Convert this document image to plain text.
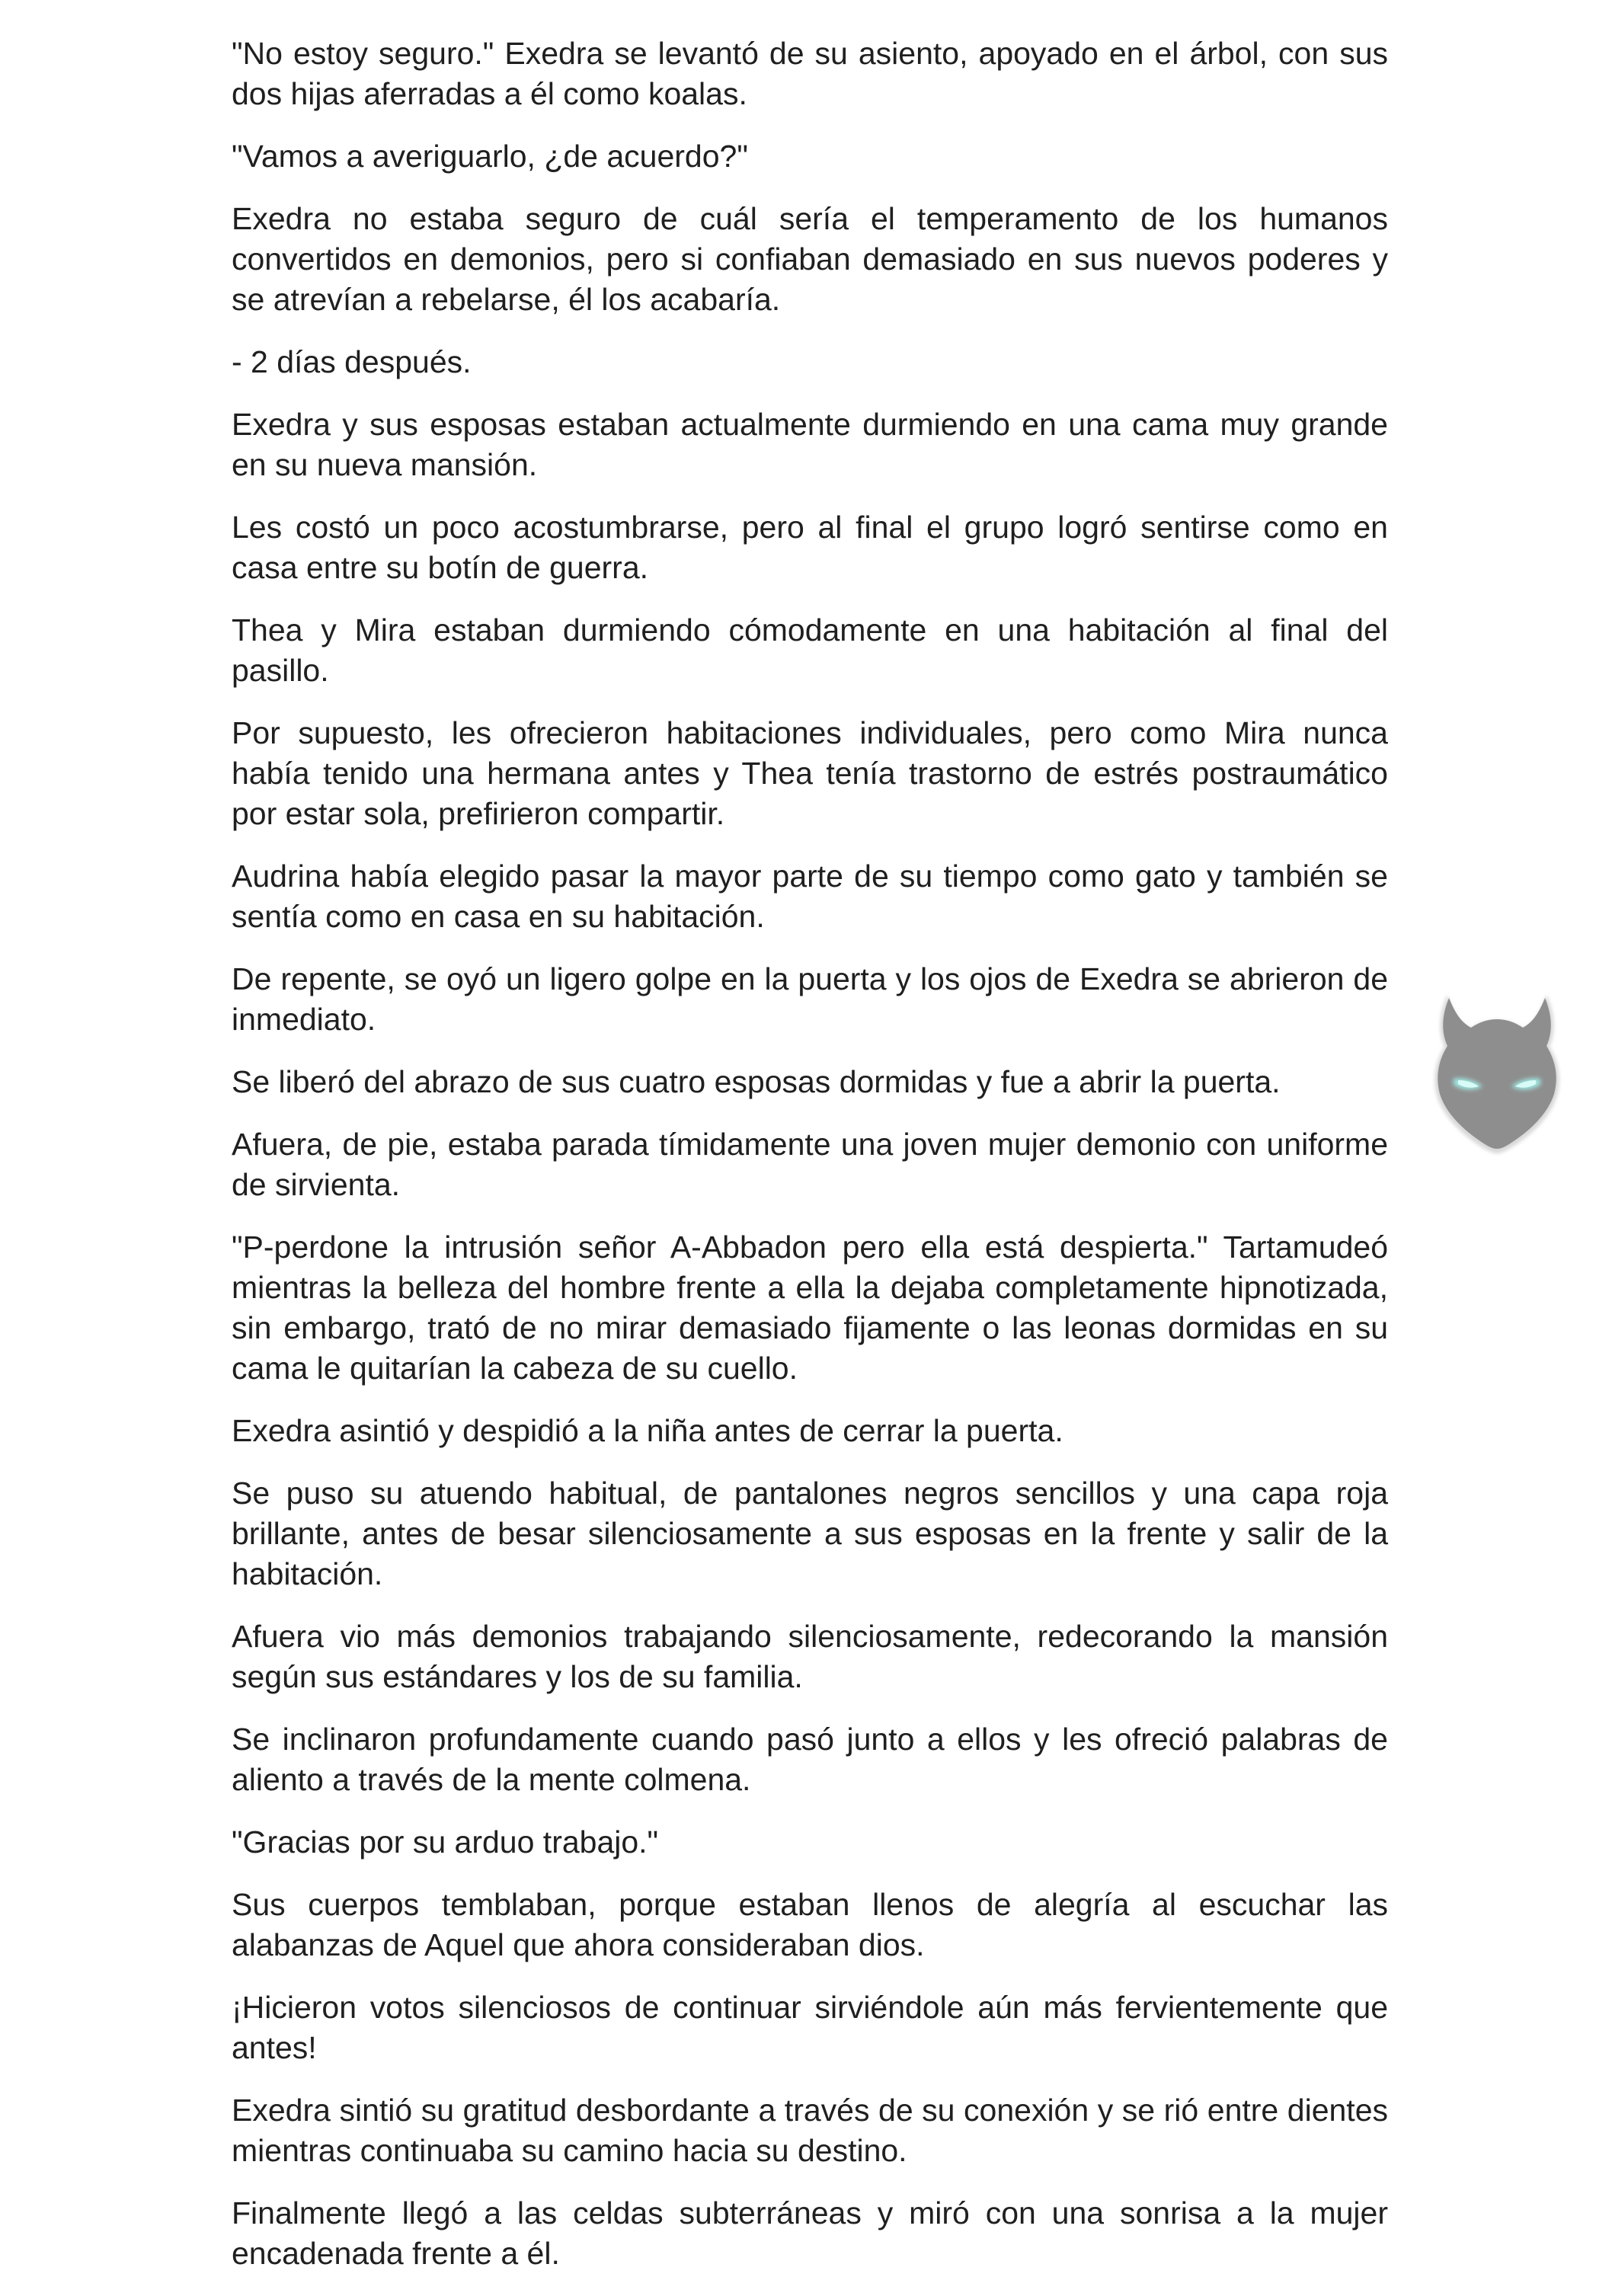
"No estoy seguro." Exedra se levantó de su asiento, apoyado en el árbol, con sus dos hijas aferradas a él como koalas.

"Vamos a averiguarlo, ¿de acuerdo?"

Exedra no estaba seguro de cuál sería el temperamento de los humanos convertidos en demonios, pero si confiaban demasiado en sus nuevos poderes y se atrevían a rebelarse, él los acabaría.

- 2 días después.

Exedra y sus esposas estaban actualmente durmiendo en una cama muy grande en su nueva mansión.

Les costó un poco acostumbrarse, pero al final el grupo logró sentirse como en casa entre su botín de guerra.

Thea y Mira estaban durmiendo cómodamente en una habitación al final del pasillo.

Por supuesto, les ofrecieron habitaciones individuales, pero como Mira nunca había tenido una hermana antes y Thea tenía trastorno de estrés postraumático por estar sola, prefirieron compartir.

Audrina había elegido pasar la mayor parte de su tiempo como gato y también se sentía como en casa en su habitación.

De repente, se oyó un ligero golpe en la puerta y los ojos de Exedra se abrieron de inmediato.

Se liberó del abrazo de sus cuatro esposas dormidas y fue a abrir la puerta.

Afuera, de pie, estaba parada tímidamente una joven mujer demonio con uniforme de sirvienta.

"P-perdone la intrusión señor A-Abbadon pero ella está despierta." Tartamudeó mientras la belleza del hombre frente a ella la dejaba completamente hipnotizada, sin embargo, trató de no mirar demasiado fijamente o las leonas dormidas en su cama le quitarían la cabeza de su cuello.

Exedra asintió y despidió a la niña antes de cerrar la puerta.

Se puso su atuendo habitual, de pantalones negros sencillos y una capa roja brillante, antes de besar silenciosamente a sus esposas en la frente y salir de la habitación.

Afuera vio más demonios trabajando silenciosamente, redecorando la mansión según sus estándares y los de su familia.

Se inclinaron profundamente cuando pasó junto a ellos y les ofreció palabras de aliento a través de la mente colmena.

"Gracias por su arduo trabajo."

Sus cuerpos temblaban, porque estaban llenos de alegría al escuchar las alabanzas de Aquel que ahora consideraban dios.

¡Hicieron votos silenciosos de continuar sirviéndole aún más fervientemente que antes!

Exedra sintió su gratitud desbordante a través de su conexión y se rió entre dientes mientras continuaba su camino hacia su destino.

Finalmente llegó a las celdas subterráneas y miró con una sonrisa a la mujer encadenada frente a él.
